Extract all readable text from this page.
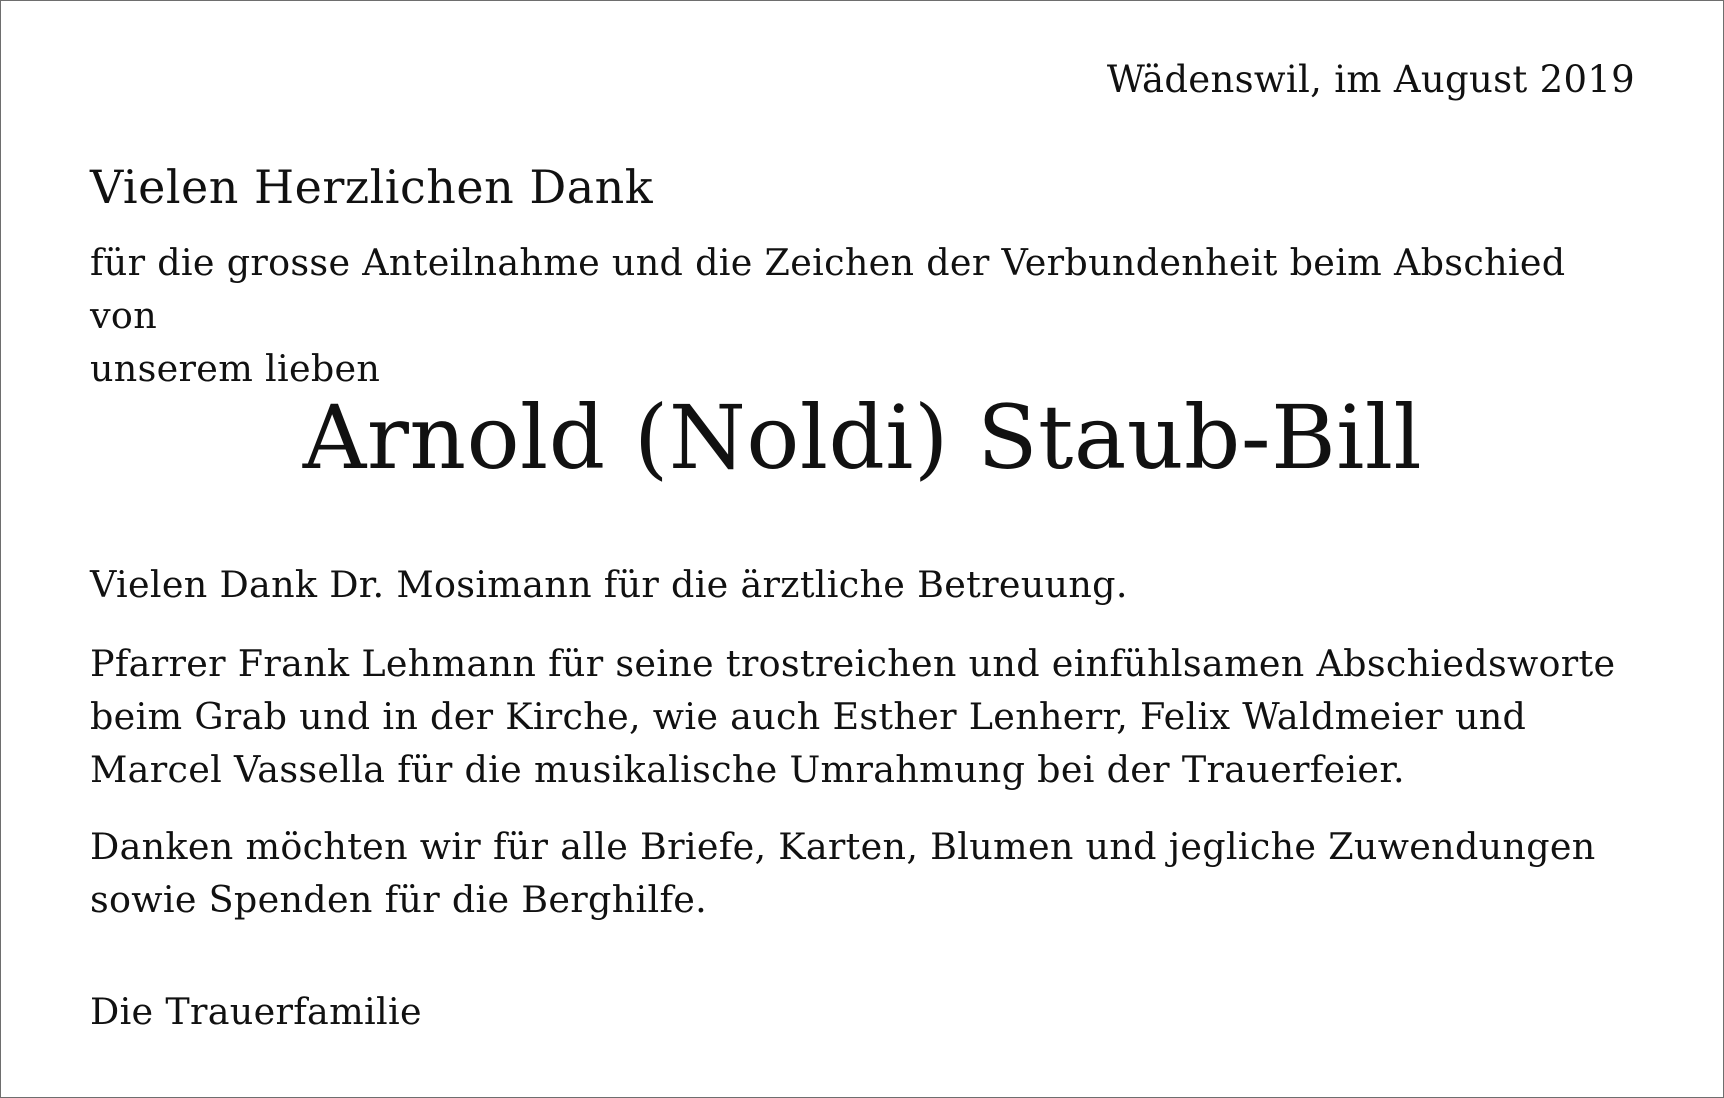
Wädenswil, im August 2019
Vielen Herzlichen Dank
für die grosse Anteilnahme und die Zeichen der Verbundenheit beim Abschied von
unserem lieben
Arnold (Noldi) Staub-Bill
Vielen Dank Dr. Mosimann für die ärztliche Betreuung.
Pfarrer Frank Lehmann für seine trostreichen und einfühlsamen Abschiedsworte
beim Grab und in der Kirche, wie auch Esther Lenherr, Felix Waldmeier und
Marcel Vassella für die musikalische Umrahmung bei der Trauerfeier.
Danken möchten wir für alle Briefe, Karten, Blumen und jegliche Zuwendungen
sowie Spenden für die Berghilfe.
Die Trauerfamilie
